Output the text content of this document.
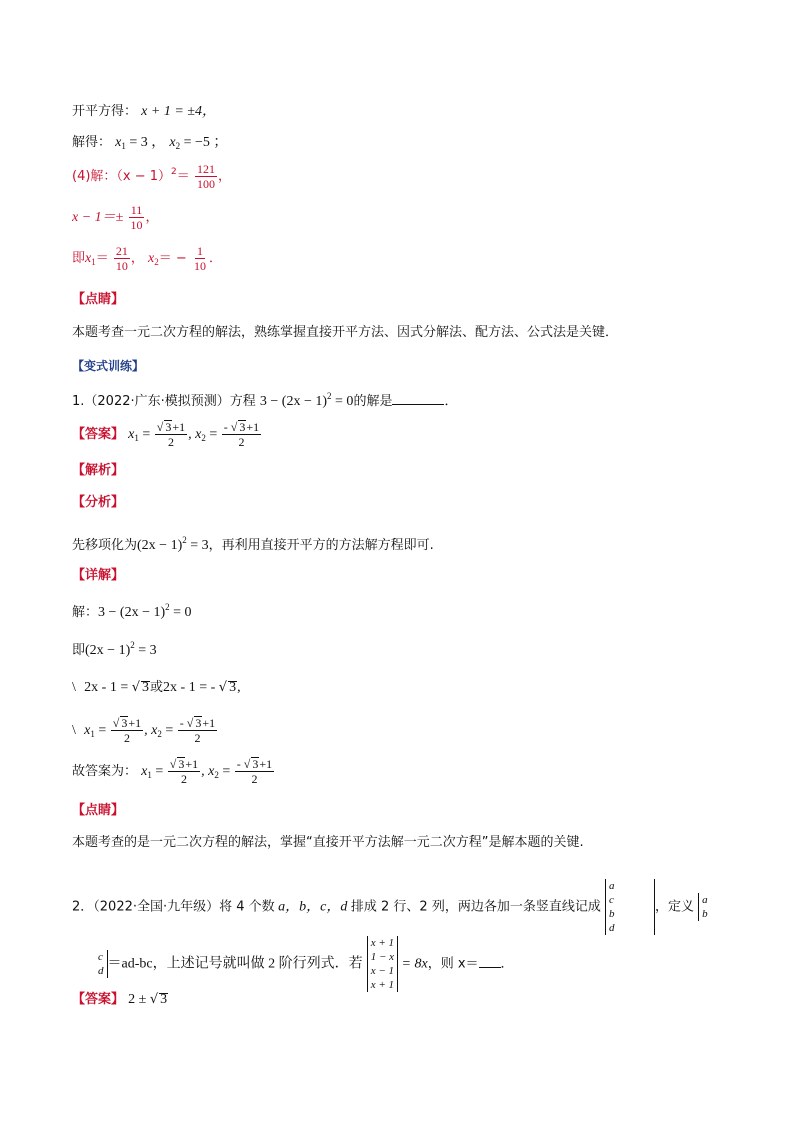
开平方得： x + 1 = ±4，
解得： $x_1 = 3$ ， $x_2 = -5$ ；
(4)解：$(x - 1)^2= \frac{121}{100}$ ，
$x - 1=\pm \frac{11}{10}$ ，
即$x_1= \frac{21}{10}$ ， $x_2= - \frac{1}{10}$ ．
【点睛】
本题考查一元二次方程的解法，熟练掌握直接开平方法、因式分解法、配方法、公式法是关键．
【变式训练】
1.（2022·广东·模拟预测）方程 $3 - (2x - 1)^2 = 0$的解是	．
【答案】 $x_1 = \frac{√ 3+1}{2}$ , $x_2 = \frac{- √ 3+1}{2}$
【解析】
【分析】
先移项化为$(2x - 1)^2 = 3$，再利用直接开平方的方法解方程即可.
【详解】
解：$3 - (2x - 1)^2 = 0$
即$(2x - 1)^2 = 3$
\ 2x - 1 = √ 3或2x - 1 = - √ 3,
\ $x_1 = \frac{√ 3+1}{2}$ , $x_2 = \frac{- √ 3+1}{2}$
故答案为： $x_1 = \frac{√ 3+1}{2}$ , $x_2 = \frac{- √ 3+1}{2}$
【点睛】
本题考查的是一元二次方程的解法，掌握“直接开平方法解一元二次方程”是解本题的关键.
2．（2022·全国·九年级）将 4 个数 a，b，c，d 排成 2 行、2 列，两边各加一条竖直线记成
a
c
b
d
，定义 a
b
c
d ＝ad-bc，上述记号就叫做 2 阶行列式．若
x + 1
1 − x
x − 1
x + 1
= 8x，则 x＝ ．
【答案】 2 ± √ 3
